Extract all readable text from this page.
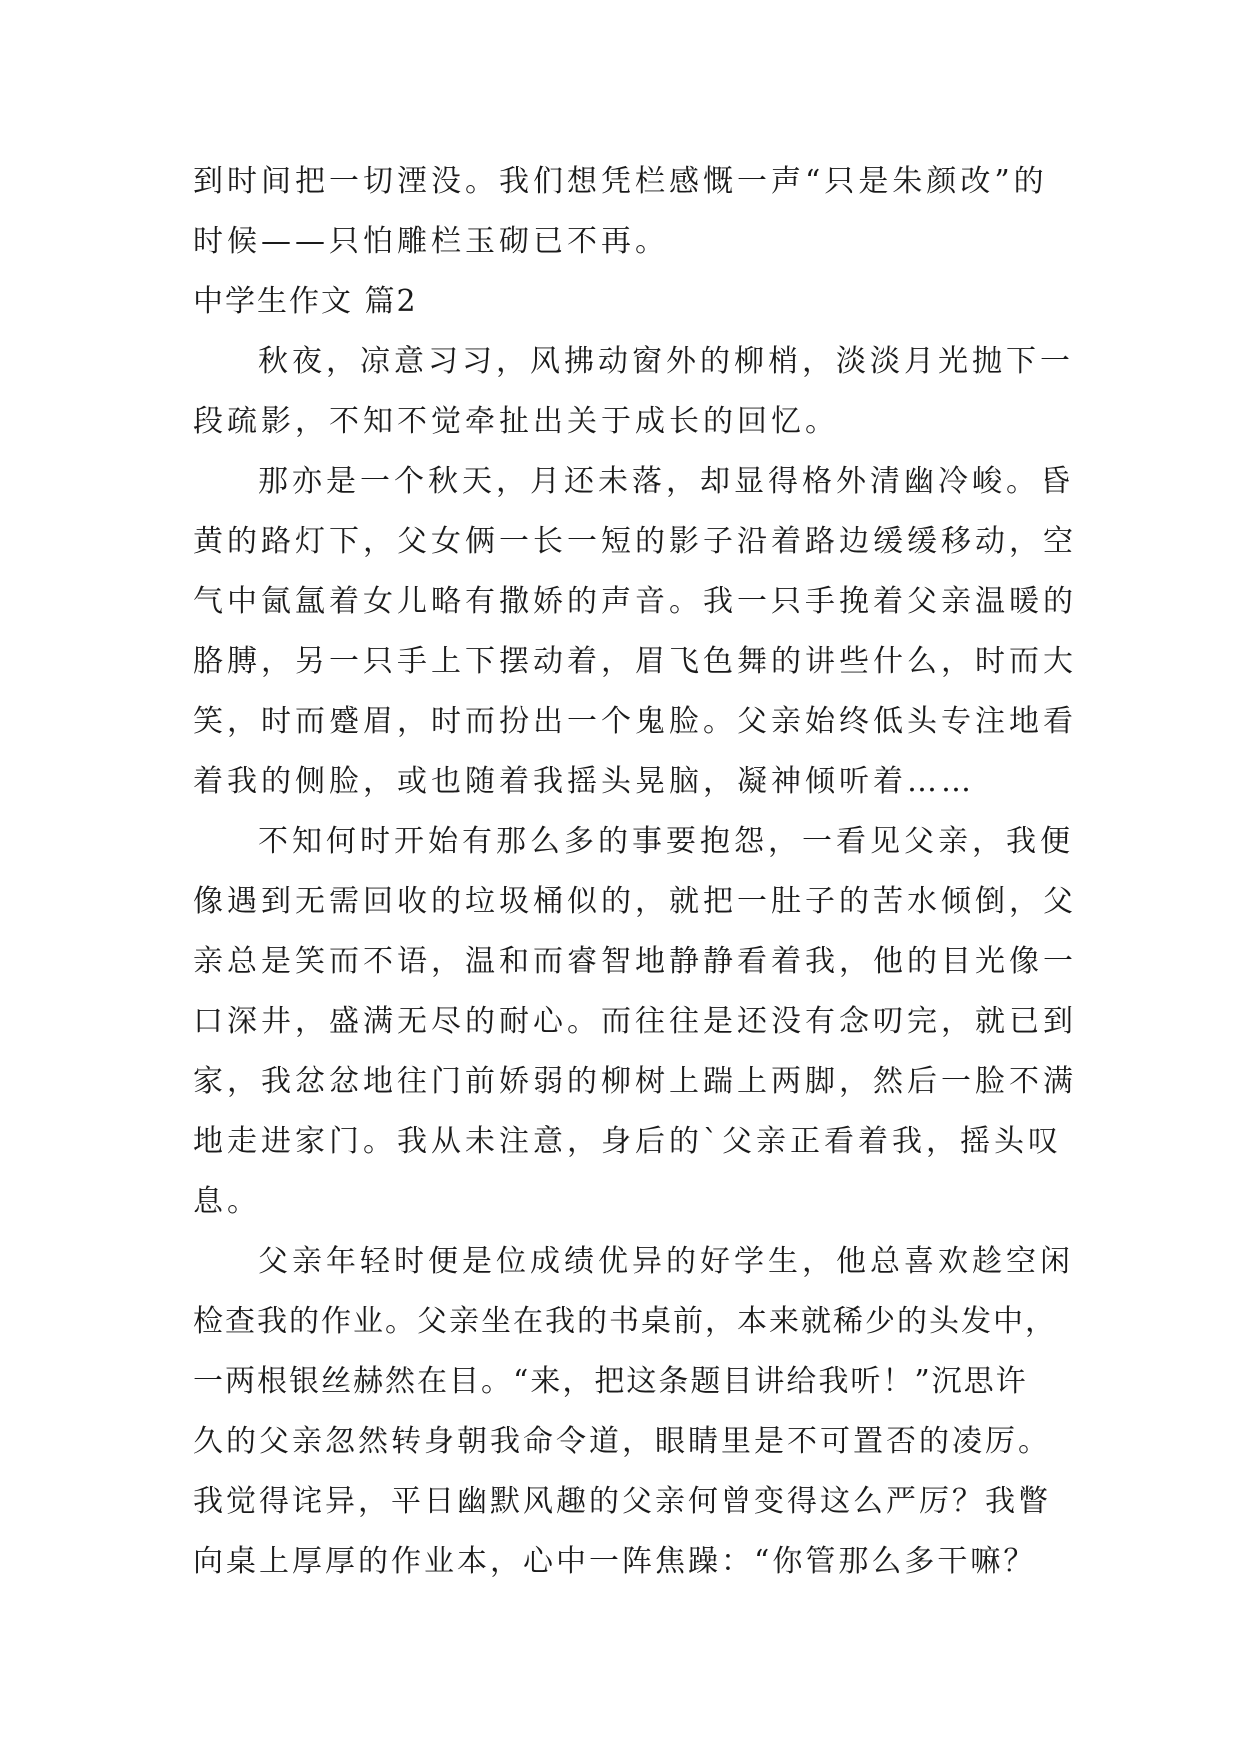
到时间把一切湮没。我们想凭栏感慨一声“只是朱颜改”的
时候——只怕雕栏玉砌已不再。
中学生作文 篇2
秋夜，凉意习习，风拂动窗外的柳梢，淡淡月光抛下一
段疏影，不知不觉牵扯出关于成长的回忆。
那亦是一个秋天，月还未落，却显得格外清幽冷峻。昏
黄的路灯下，父女俩一长一短的影子沿着路边缓缓移动，空
气中氤氲着女儿略有撒娇的声音。我一只手挽着父亲温暖的
胳膊，另一只手上下摆动着，眉飞色舞的讲些什么，时而大
笑，时而蹙眉，时而扮出一个鬼脸。父亲始终低头专注地看
着我的侧脸，或也随着我摇头晃脑，凝神倾听着……
不知何时开始有那么多的事要抱怨，一看见父亲，我便
像遇到无需回收的垃圾桶似的，就把一肚子的苦水倾倒，父
亲总是笑而不语，温和而睿智地静静看着我，他的目光像一
口深井，盛满无尽的耐心。而往往是还没有念叨完，就已到
家，我忿忿地往门前娇弱的柳树上踹上两脚，然后一脸不满
地走进家门。我从未注意，身后的`父亲正看着我，摇头叹
息。
父亲年轻时便是位成绩优异的好学生，他总喜欢趁空闲
检查我的作业。父亲坐在我的书桌前，本来就稀少的头发中，
一两根银丝赫然在目。“来，把这条题目讲给我听！”沉思许
久的父亲忽然转身朝我命令道，眼睛里是不可置否的凌厉。
我觉得诧异，平日幽默风趣的父亲何曾变得这么严厉？我瞥
向桌上厚厚的作业本，心中一阵焦躁：“你管那么多干嘛？
